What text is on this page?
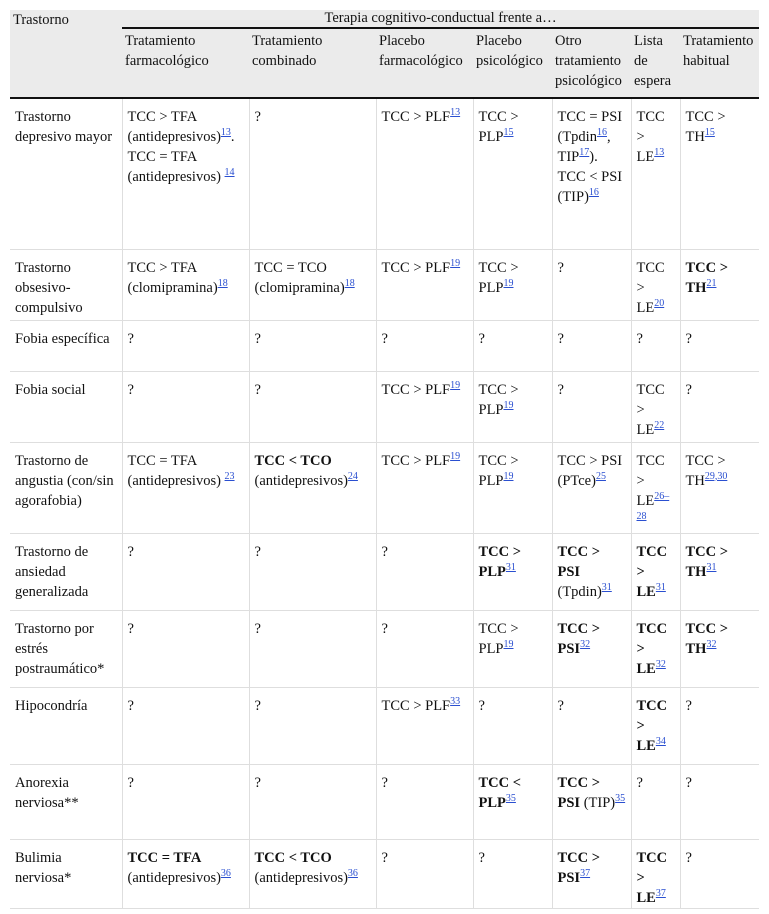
Trastorno	Terapia cognitivo-conductual frente a…						
	Tratamiento farmacológico	Tratamiento combinado	Placebo farmacológico	Placebo psicológico	Otro tratamiento psicológico	Lista de espera	Tratamiento habitual
Trastorno depresivo mayor	TCC > TFA (antidepresivos)$^{13}$. TCC = TFA (antidepresivos) $^{14}$	?	TCC > PLF$^{13}$	TCC > PLP$^{15}$	TCC = PSI (Tpdin$^{16}$, TIP$^{17}$). TCC < PSI (TIP)$^{16}$	TCC > LE$^{13}$	TCC > TH$^{15}$
Trastorno obsesivo-compulsivo	TCC > TFA (clomipramina)$^{18}$	TCC = TCO (clomipramina)$^{18}$	TCC > PLF$^{19}$	TCC > PLP$^{19}$	?	TCC > LE$^{20}$	TCC > TH$^{21}$
Fobia específica	?	?	?	?	?	?	?
Fobia social	?	?	TCC > PLF$^{19}$	TCC > PLP$^{19}$	?	TCC > LE$^{22}$	?
Trastorno de angustia (con/sin agorafobia)	TCC = TFA (antidepresivos) $^{23}$	TCC < TCO (antidepresivos)$^{24}$	TCC > PLF$^{19}$	TCC > PLP$^{19}$	TCC > PSI (PTce)$^{25}$	TCC > LE$^{26-28}$	TCC > TH$^{29,30}$
Trastorno de ansiedad generalizada	?	?	?	TCC > PLP$^{31}$	TCC > PSI (Tpdin)$^{31}$	TCC > LE$^{31}$	TCC > TH$^{31}$
Trastorno por estrés postraumático*	?	?	?	TCC > PLP$^{19}$	TCC > PSI$^{32}$	TCC > LE$^{32}$	TCC > TH$^{32}$
Hipocondría	?	?	TCC > PLF$^{33}$	?	?	TCC > LE$^{34}$	?
Anorexia nerviosa**	?	?	?	TCC < PLP$^{35}$	TCC > PSI (TIP)$^{35}$	?	?
Bulimia nerviosa*	TCC = TFA (antidepresivos)$^{36}$	TCC < TCO (antidepresivos)$^{36}$	?	?	TCC > PSI$^{37}$	TCC > LE$^{37}$	?
